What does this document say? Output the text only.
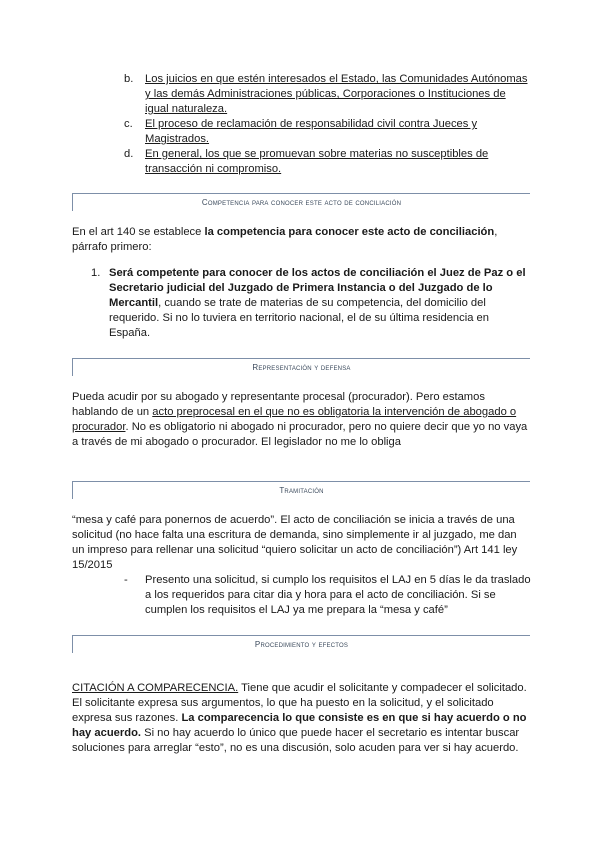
b. Los juicios en que estén interesados el Estado, las Comunidades Autónomas

y las demás Administraciones públicas, Corporaciones o Instituciones de

igual naturaleza.

c. El proceso de reclamación de responsabilidad civil contra Jueces y

Magistrados.

d. En general, los que se promuevan sobre materias no susceptibles de

transacción ni compromiso.

Competencia para conocer este acto de conciliación

En el art 140 se establece la competencia para conocer este acto de conciliación,

párrafo primero:

1. Será competente para conocer de los actos de conciliación el Juez de Paz o el

Secretario judicial del Juzgado de Primera Instancia o del Juzgado de lo

Mercantil, cuando se trate de materias de su competencia, del domicilio del

requerido. Si no lo tuviera en territorio nacional, el de su última residencia en

España.

Representación y defensa

Pueda acudir por su abogado y representante procesal (procurador). Pero estamos

hablando de un acto preprocesal en el que no es obligatoria la intervención de abogado o

procurador. No es obligatorio ni abogado ni procurador, pero no quiere decir que yo no vaya

a través de mi abogado o procurador. El legislador no me lo obliga

Tramitación

“mesa y café para ponernos de acuerdo”. El acto de conciliación se inicia a través de una

solicitud (no hace falta una escritura de demanda, sino simplemente ir al juzgado, me dan

un impreso para rellenar una solicitud “quiero solicitar un acto de conciliación”) Art 141 ley

15/2015

- Presento una solicitud, si cumplo los requisitos el LAJ en 5 días le da traslado

a los requeridos para citar dia y hora para el acto de conciliación. Si se

cumplen los requisitos el LAJ ya me prepara la “mesa y café”

Procedimiento y efectos

CITACIÓN A COMPARECENCIA. Tiene que acudir el solicitante y compadecer el solicitado.

El solicitante expresa sus argumentos, lo que ha puesto en la solicitud, y el solicitado

expresa sus razones. La comparecencia lo que consiste es en que si hay acuerdo o no

hay acuerdo. Si no hay acuerdo lo único que puede hacer el secretario es intentar buscar

soluciones para arreglar “esto”, no es una discusión, solo acuden para ver si hay acuerdo.
